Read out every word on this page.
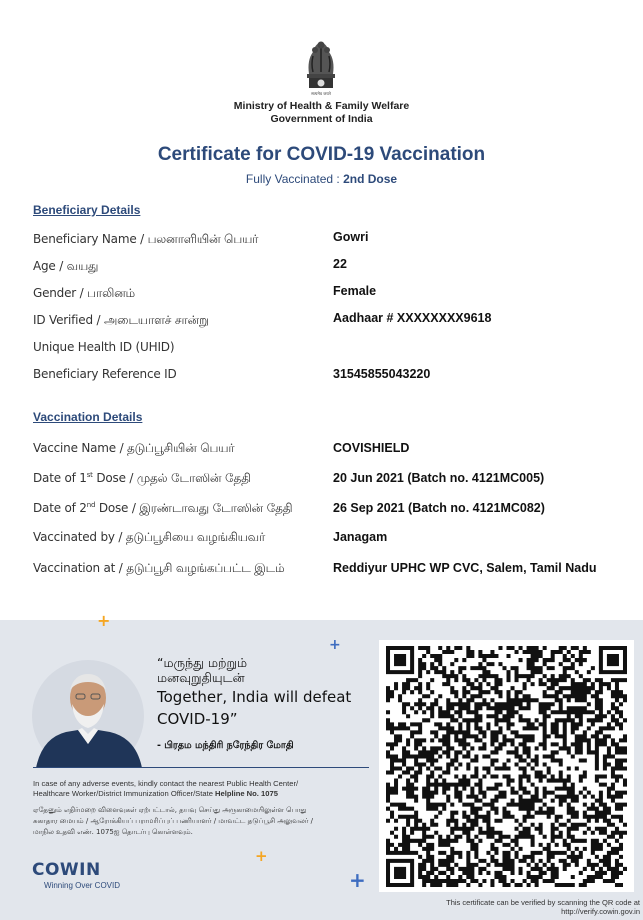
सत्यमेव जयते
Ministry of Health & Family Welfare
Government of India
Certificate for COVID-19 Vaccination
Fully Vaccinated : 2nd Dose
Beneficiary Details
Beneficiary Name / பலனாளியின் பெயர்	Gowri
Age / வயது	22
Gender / பாலினம்	Female
ID Verified / அடையாளச் சான்று	Aadhaar # XXXXXXXX9618
Unique Health ID (UHID)
Beneficiary Reference ID	31545855043220
Vaccination Details
Vaccine Name / தடுப்பூசியின் பெயர்	COVISHIELD
Date of 1st Dose / முதல் டோஸின் தேதி	20 Jun 2021 (Batch no. 4121MC005)
Date of 2nd Dose / இரண்டாவது டோஸின் தேதி	26 Sep 2021 (Batch no. 4121MC082)
Vaccinated by / தடுப்பூசியை வழங்கியவர்	Janagam
Vaccination at / தடுப்பூசி வழங்கப்பட்ட இடம்	Reddiyur UPHC WP CVC, Salem, Tamil Nadu
+
+
+
+
“மருந்து மற்றும்
மனவுறுதியுடன்
Together, India will defeat
COVID-19”
- பிரதம மந்திரி நரேந்திர மோதி
In case of any adverse events, kindly contact the nearest Public Health Center/
Healthcare Worker/District Immunization Officer/State Helpline No. 1075
ஏதேனும் எதிர்மறை விளைவுகள் ஏற்பட்டால், தயவு செய்து அருகாமையிலுள்ள பொது
சுகாதார மையம் / ஆரோக்கியப் பராமரிப்புப் பணியாளர் / மாவட்ட தடுப்பூசி அலுவலர் /
மாநில உதவி எண். 1075ஐ தொடர்பு கொள்ளவும்.
COWIN
Winning Over COVID
This certificate can be verified by scanning the QR code at
http://verify.cowin.gov.in
